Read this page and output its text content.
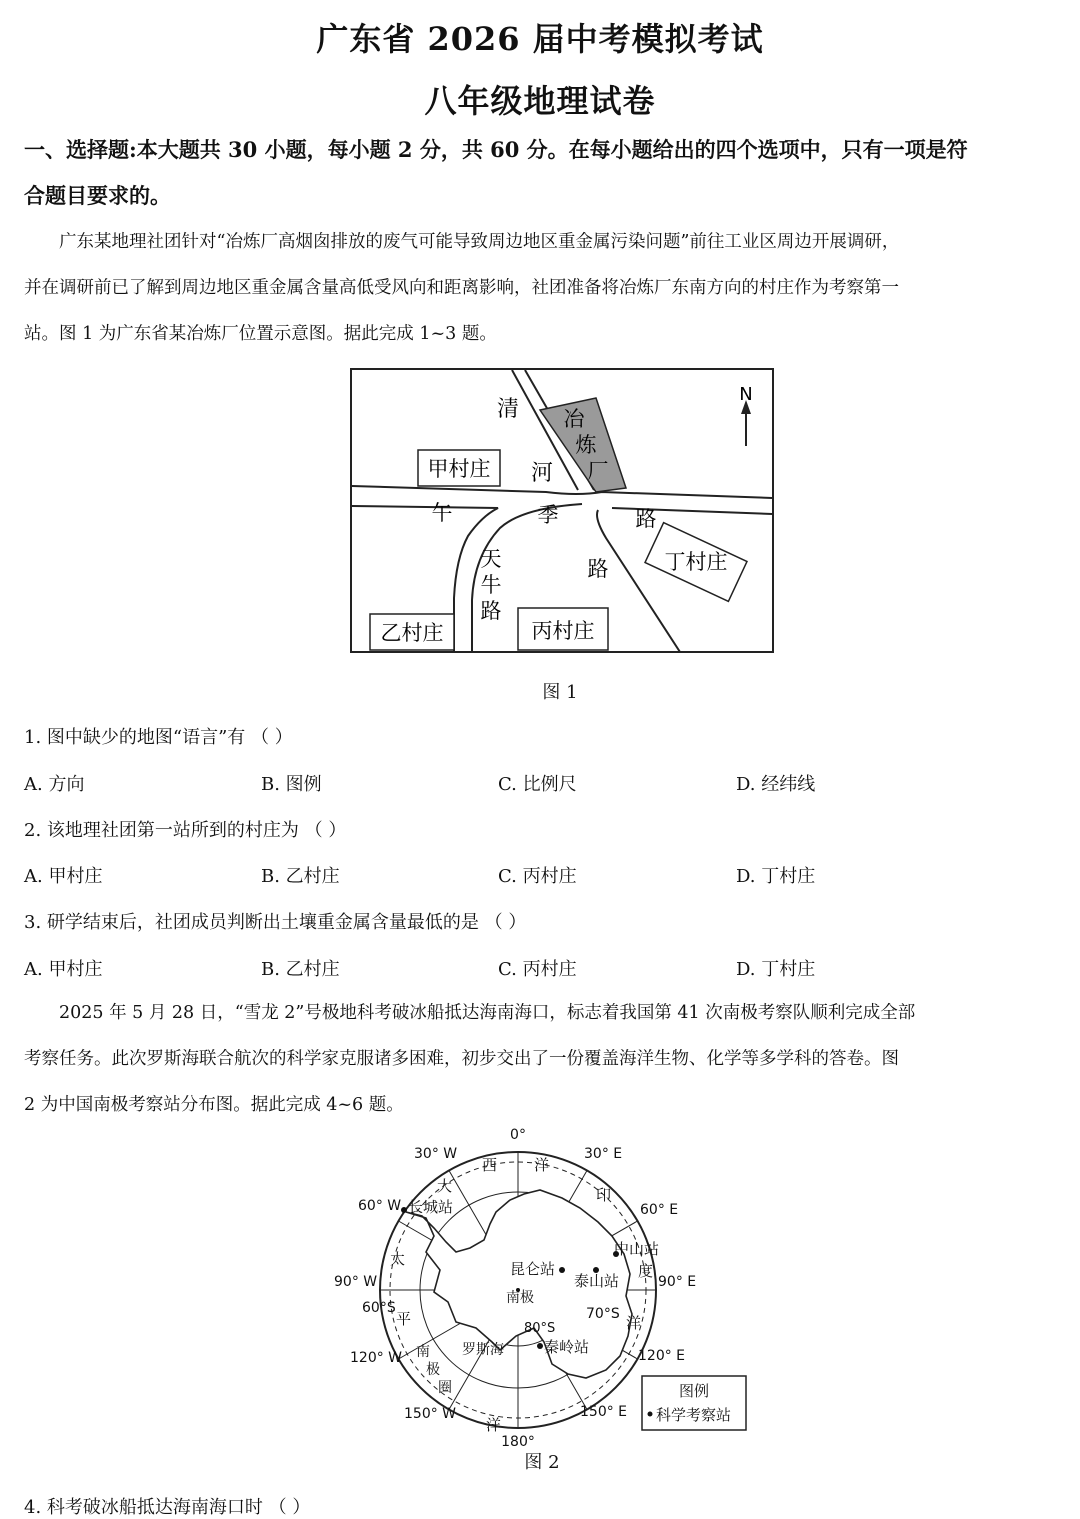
广东省 2026 届中考模拟考试
八年级地理试卷
一、选择题:本大题共 30 小题，每小题 2 分，共 60 分。在每小题给出的四个选项中，只有一项是符
合题目要求的。
广东某地理社团针对“冶炼厂高烟囱排放的废气可能导致周边地区重金属污染问题”前往工业区周边开展调研，
并在调研前已了解到周边地区重金属含量高低受风向和距离影响，社团准备将冶炼厂东南方向的村庄作为考察第一
站。图 1 为广东省某冶炼厂位置示意图。据此完成 1~3 题。
N
清
河
冶
炼
厂
午	季	路
路
天
牛
路
甲村庄
乙村庄	丙村庄
丁村庄
图 1
1. 图中缺少的地图“语言”有 （ ）
A. 方向	B. 图例	C. 比例尺	D. 经纬线
2. 该地理社团第一站所到的村庄为 （ ）
A. 甲村庄	B. 乙村庄	C. 丙村庄	D. 丁村庄
3. 研学结束后，社团成员判断出土壤重金属含量最低的是 （ ）
A. 甲村庄	B. 乙村庄	C. 丙村庄	D. 丁村庄
2025 年 5 月 28 日，“雪龙 2”号极地科考破冰船抵达海南海口，标志着我国第 41 次南极考察队顺利完成全部
考察任务。此次罗斯海联合航次的科学家克服诸多困难，初步交出了一份覆盖海洋生物、化学等多学科的答卷。图
2 为中国南极考察站分布图。据此完成 4~6 题。
大
西 洋
印
度
洋
太
平
洋
南
极
圈
罗斯海
0°
180°
30° W	30° E
60° W	60° E
90° W	90° E
120° W	120° E
150° W	150° E
60°S	70°S
80°S
长城站
中山站
昆仑站
泰山站
秦岭站
南极
图例
科学考察站
图 2
4. 科考破冰船抵达海南海口时 （ ）
